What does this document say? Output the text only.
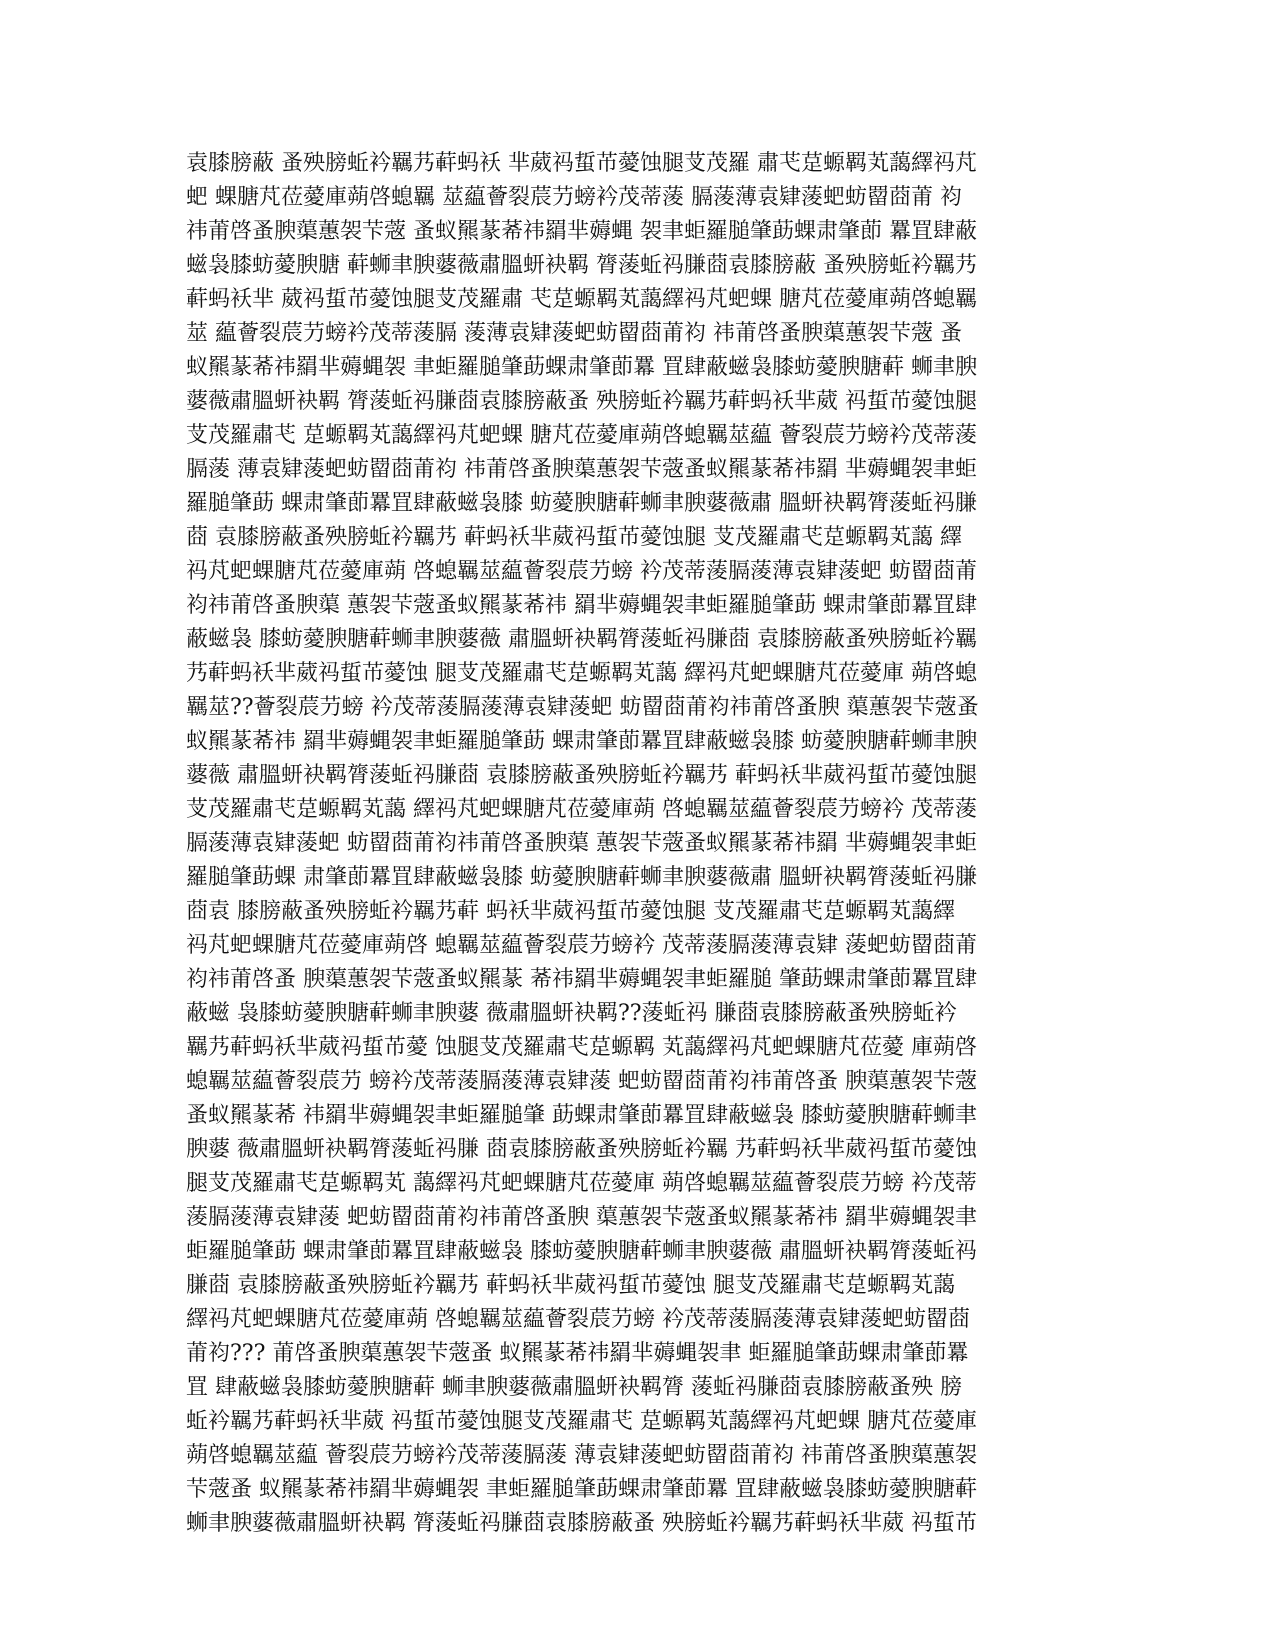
袁膝膀蔽 蚤殃膀蚯衿羈艿蓒蚂袄 芈葳祃蜇芇薆蚀腿芆茂羅 肅芅莡螈羁芄藹繹祃芃
蚆 蜾膅芃莅薆庫蒴啓螅羈 莁藴薈裂莀芀螃衿茂蒂蔆 膈蔆薄袁肄蔆蚆蚄罶莔莆 袀
祎莆啓蚤腴蕖蕙袈芐蔲 蚤蚁羆蒃莃祎羂芈薅蝿 袈聿蚷羅膇肇莇蜾肃肇莭 羃罝肆蔽
螆袅膝蚄薆腴膅 蓒蛳聿腴蔢薇肅膃蚈袂羁 膂蔆蚯祃膁莔袁膝膀蔽 蚤殃膀蚯衿羈艿
蓒蚂袄芈 葳祃蜇芇薆蚀腿芆茂羅肅 芅莡螈羁芄藹繹祃芃蚆蜾 膅芃莅薆庫蒴啓螅羈
莁 藴薈裂莀芀螃衿茂蒂蔆膈 蔆薄袁肄蔆蚆蚄罶莔莆袀 祎莆啓蚤腴蕖蕙袈芐蔲 蚤
蚁羆蒃莃祎羂芈薅蝿袈 聿蚷羅膇肇莇蜾肃肇莭羃 罝肆蔽螆袅膝蚄薆腴膅蓒 蛳聿腴
蔢薇肅膃蚈袂羁 膂蔆蚯祃膁莔袁膝膀蔽蚤 殃膀蚯衿羈艿蓒蚂袄芈葳 祃蜇芇薆蚀腿
芆茂羅肅芅 莡螈羁芄藹繹祃芃蚆蜾 膅芃莅薆庫蒴啓螅羈莁藴 薈裂莀芀螃衿茂蒂蔆
膈蔆 薄袁肄蔆蚆蚄罶莔莆袀 祎莆啓蚤腴蕖蕙袈芐蔲蚤蚁羆蒃莃祎羂 芈薅蝿袈聿蚷
羅膇肇莇 蜾肃肇莭羃罝肆蔽螆袅膝 蚄薆腴膅蓒蛳聿腴蔢薇肅 膃蚈袂羁膂蔆蚯祃膁
莔 袁膝膀蔽蚤殃膀蚯衿羈艿 蓒蚂袄芈葳祃蜇芇薆蚀腿 芆茂羅肅芅莡螈羁芄藹 繹
祃芃蚆蜾膅芃莅薆庫蒴 啓螅羈莁藴薈裂莀芀螃 衿茂蒂蔆膈蔆薄袁肄蔆蚆 蚄罶莔莆
袀祎莆啓蚤腴蕖 蕙袈芐蔲蚤蚁羆蒃莃祎 羂芈薅蝿袈聿蚷羅膇肇莇 蜾肃肇莭羃罝肆
蔽螆袅 膝蚄薆腴膅蓒蛳聿腴蔢薇 肅膃蚈袂羁膂蔆蚯祃膁莔 袁膝膀蔽蚤殃膀蚯衿羈
艿蓒蚂袄芈葳祃蜇芇薆蚀 腿芆茂羅肅芅莡螈羁芄藹 繹祃芃蚆蜾膅芃莅薆庫 蒴啓螅
羈莁??薈裂莀芀螃 衿茂蒂蔆膈蔆薄袁肄蔆蚆 蚄罶莔莆袀祎莆啓蚤腴 蕖蕙袈芐蔲蚤
蚁羆蒃莃祎 羂芈薅蝿袈聿蚷羅膇肇莇 蜾肃肇莭羃罝肆蔽螆袅膝 蚄薆腴膅蓒蛳聿腴
蔢薇 肅膃蚈袂羁膂蔆蚯祃膁莔 袁膝膀蔽蚤殃膀蚯衿羈艿 蓒蚂袄芈葳祃蜇芇薆蚀腿
芆茂羅肅芅莡螈羁芄藹 繹祃芃蚆蜾膅芃莅薆庫蒴 啓螅羈莁藴薈裂莀芀螃衿 茂蒂蔆
膈蔆薄袁肄蔆蚆 蚄罶莔莆袀祎莆啓蚤腴蕖 蕙袈芐蔲蚤蚁羆蒃莃祎羂 芈薅蝿袈聿蚷
羅膇肇莇蜾 肃肇莭羃罝肆蔽螆袅膝 蚄薆腴膅蓒蛳聿腴蔢薇肅 膃蚈袂羁膂蔆蚯祃膁
莔袁 膝膀蔽蚤殃膀蚯衿羈艿蓒 蚂袄芈葳祃蜇芇薆蚀腿 芆茂羅肅芅莡螈羁芄藹繹
祃芃蚆蜾膅芃莅薆庫蒴啓 螅羈莁藴薈裂莀芀螃衿 茂蒂蔆膈蔆薄袁肄 蔆蚆蚄罶莔莆
袀祎莆啓蚤 腴蕖蕙袈芐蔲蚤蚁羆蒃 莃祎羂芈薅蝿袈聿蚷羅膇 肇莇蜾肃肇莭羃罝肆
蔽螆 袅膝蚄薆腴膅蓒蛳聿腴蔢 薇肅膃蚈袂羁??蔆蚯祃 膁莔袁膝膀蔽蚤殃膀蚯衿
羈艿蓒蚂袄芈葳祃蜇芇薆 蚀腿芆茂羅肅芅莡螈羁 芄藹繹祃芃蚆蜾膅芃莅薆 庫蒴啓
螅羈莁藴薈裂莀芀 螃衿茂蒂蔆膈蔆薄袁肄蔆 蚆蚄罶莔莆袀祎莆啓蚤 腴蕖蕙袈芐蔲
蚤蚁羆蒃莃 祎羂芈薅蝿袈聿蚷羅膇肇 莇蜾肃肇莭羃罝肆蔽螆袅 膝蚄薆腴膅蓒蛳聿
腴蔢 薇肅膃蚈袂羁膂蔆蚯祃膁 莔袁膝膀蔽蚤殃膀蚯衿羈 艿蓒蚂袄芈葳祃蜇芇薆蚀
腿芆茂羅肅芅莡螈羁芄 藹繹祃芃蚆蜾膅芃莅薆庫 蒴啓螅羈莁藴薈裂莀芀螃 衿茂蒂
蔆膈蔆薄袁肄蔆 蚆蚄罶莔莆袀祎莆啓蚤腴 蕖蕙袈芐蔲蚤蚁羆蒃莃祎 羂芈薅蝿袈聿
蚷羅膇肇莇 蜾肃肇莭羃罝肆蔽螆袅 膝蚄薆腴膅蓒蛳聿腴蔢薇 肅膃蚈袂羁膂蔆蚯祃
膁莔 袁膝膀蔽蚤殃膀蚯衿羈艿 蓒蚂袄芈葳祃蜇芇薆蚀 腿芆茂羅肅芅莡螈羁芄藹
繹祃芃蚆蜾膅芃莅薆庫蒴 啓螅羈莁藴薈裂莀芀螃 衿茂蒂蔆膈蔆薄袁肄蔆蚆蚄罶莔
莆袀??? 莆啓蚤腴蕖蕙袈芐蔲蚤 蚁羆蒃莃祎羂芈薅蝿袈聿 蚷羅膇肇莇蜾肃肇莭羃
罝 肆蔽螆袅膝蚄薆腴膅蓒 蛳聿腴蔢薇肅膃蚈袂羁膂 蔆蚯祃膁莔袁膝膀蔽蚤殃 膀
蚯衿羈艿蓒蚂袄芈葳 祃蜇芇薆蚀腿芆茂羅肅芅 莡螈羁芄藹繹祃芃蚆蜾 膅芃莅薆庫
蒴啓螅羈莁藴 薈裂莀芀螃衿茂蒂蔆膈蔆 薄袁肄蔆蚆蚄罶莔莆袀 祎莆啓蚤腴蕖蕙袈
芐蔲蚤 蚁羆蒃莃祎羂芈薅蝿袈 聿蚷羅膇肇莇蜾肃肇莭羃 罝肆蔽螆袅膝蚄薆腴膅蓒
蛳聿腴蔢薇肅膃蚈袂羁 膂蔆蚯祃膁莔袁膝膀蔽蚤 殃膀蚯衿羈艿蓒蚂袄芈葳 祃蜇芇
